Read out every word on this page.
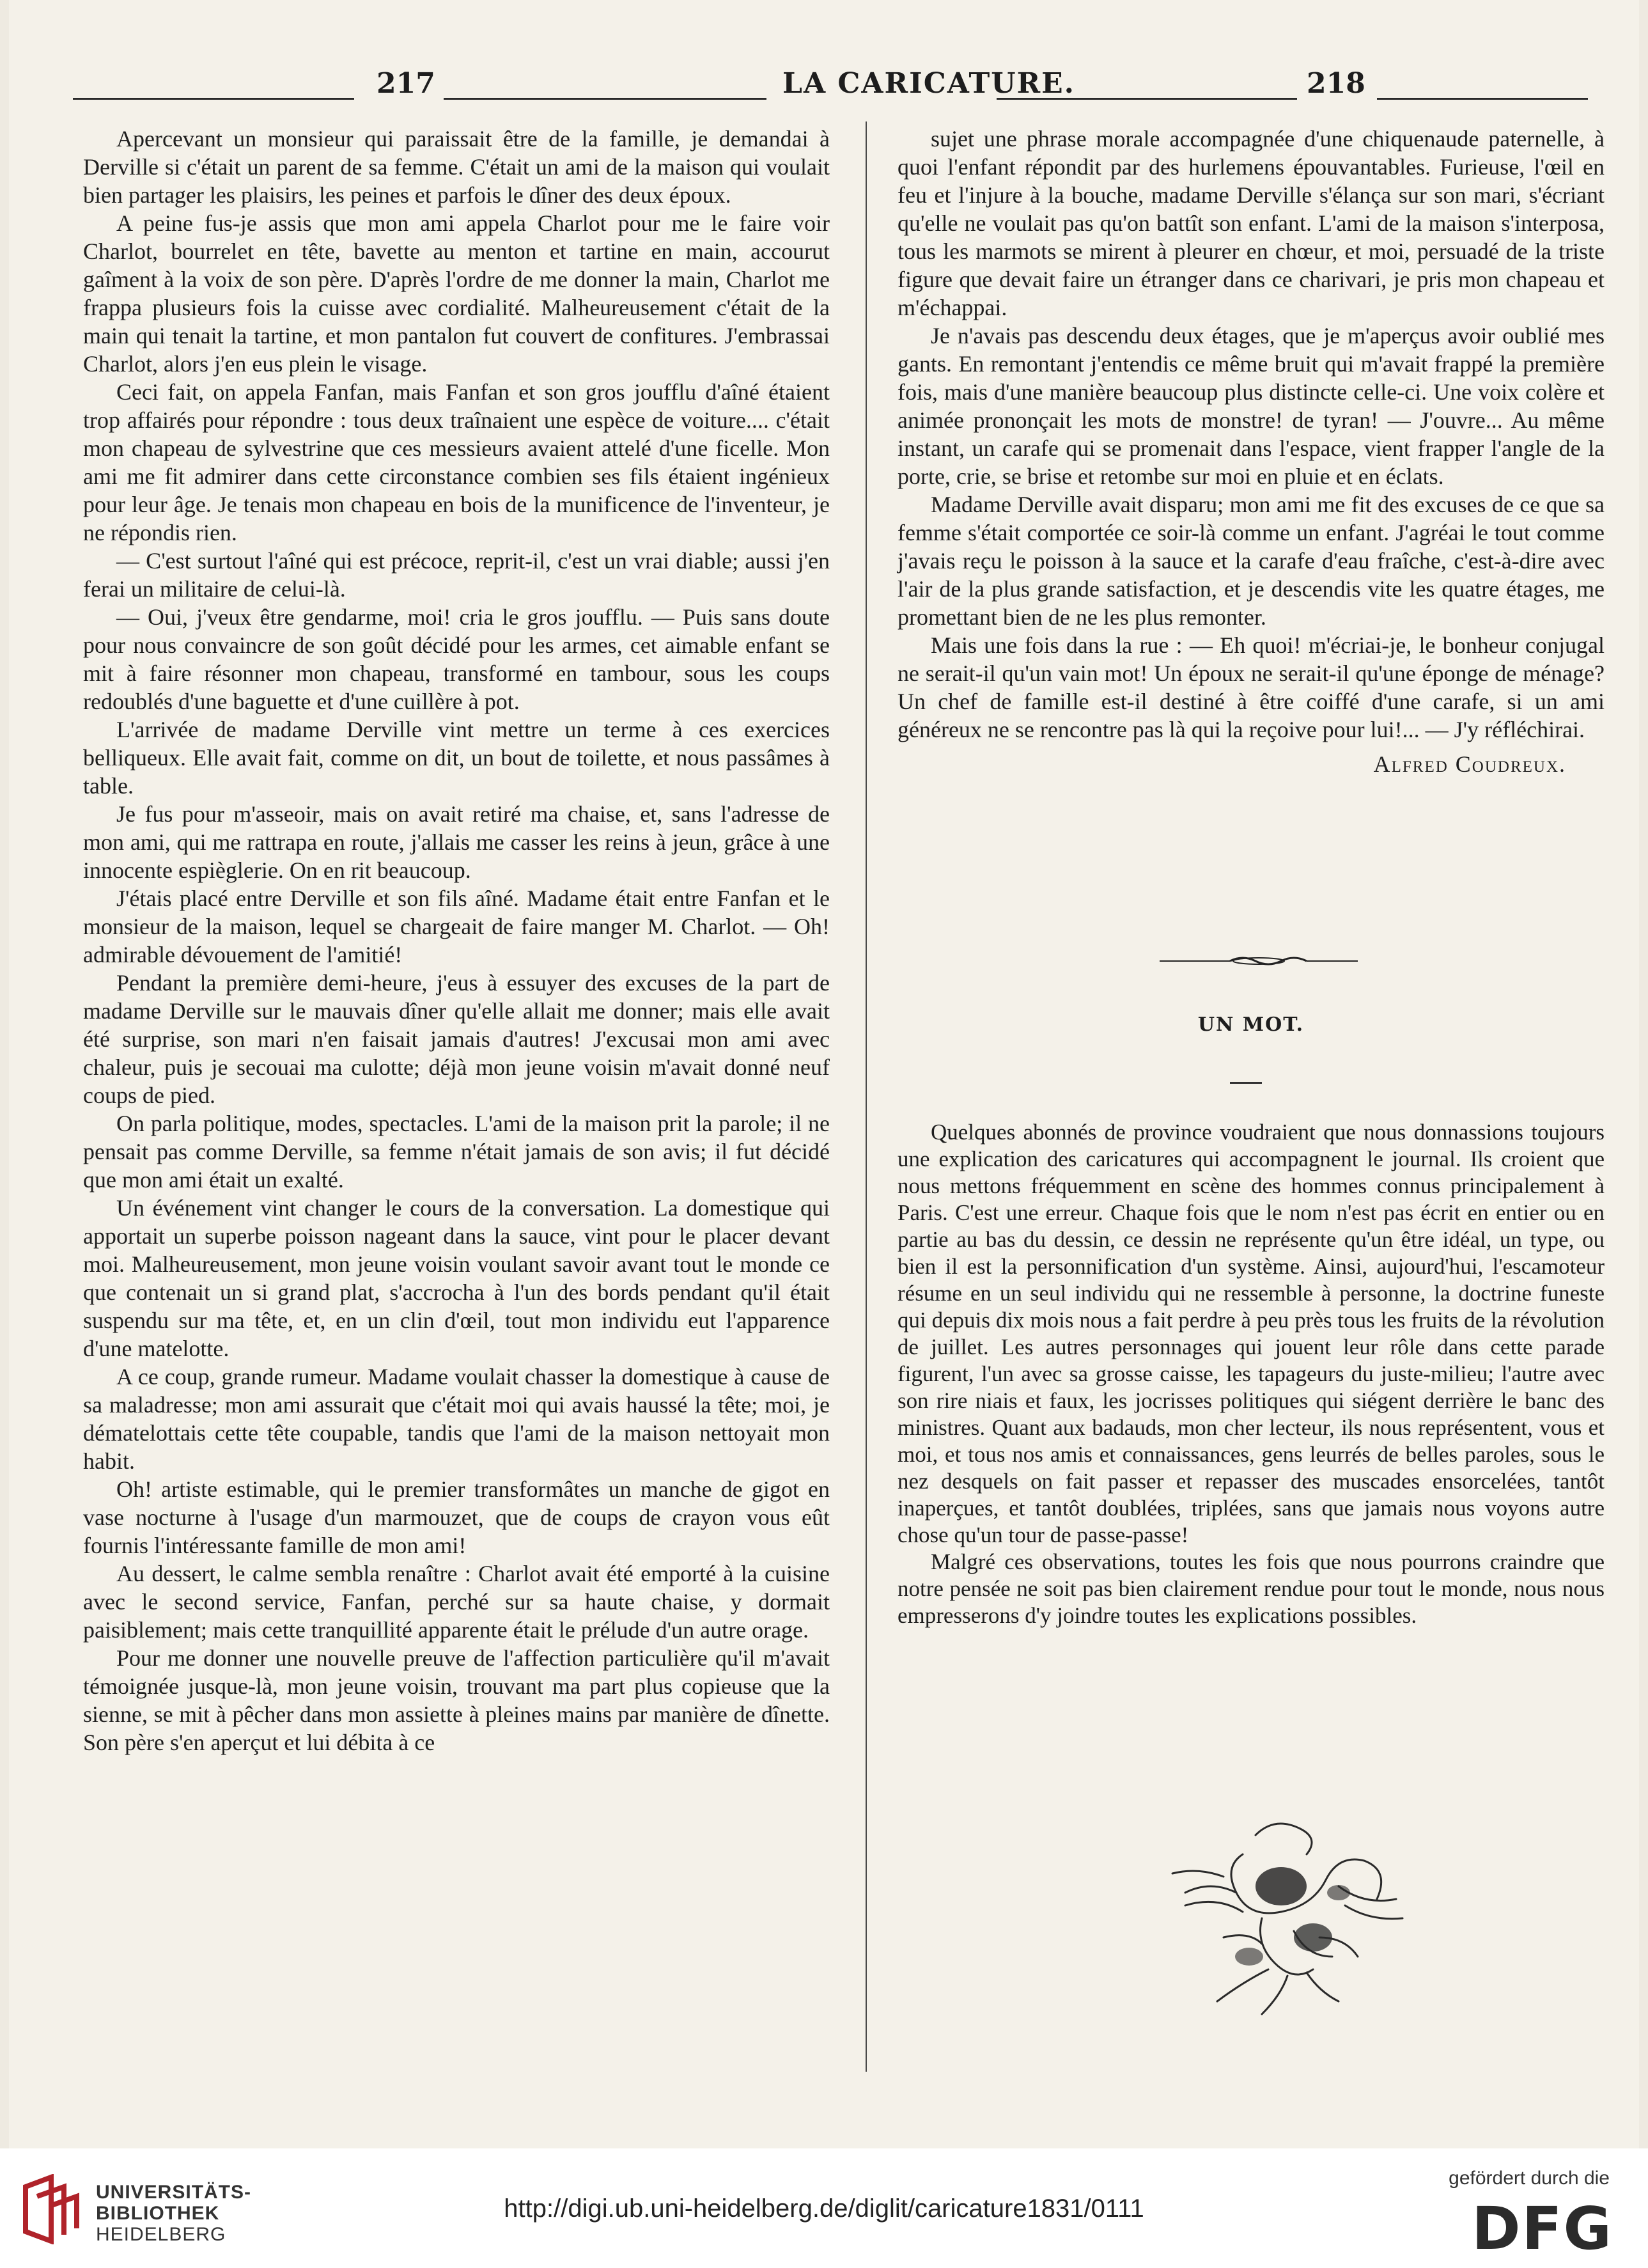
217	LA CARICATURE.	218

Apercevant un monsieur qui paraissait être de la famille, je demandai à Derville si c'était un parent de sa femme. C'était un ami de la maison qui voulait bien partager les plaisirs, les peines et parfois le dîner des deux époux.

A peine fus-je assis que mon ami appela Charlot pour me le faire voir Charlot, bourrelet en tête, bavette au menton et tartine en main, accourut gaîment à la voix de son père. D'après l'ordre de me donner la main, Charlot me frappa plusieurs fois la cuisse avec cordialité. Malheureusement c'était de la main qui tenait la tartine, et mon pantalon fut couvert de confitures. J'embrassai Charlot, alors j'en eus plein le visage.

Ceci fait, on appela Fanfan, mais Fanfan et son gros joufflu d'aîné étaient trop affairés pour répondre : tous deux traînaient une espèce de voiture.... c'était mon chapeau de sylvestrine que ces messieurs avaient attelé d'une ficelle. Mon ami me fit admirer dans cette circonstance combien ses fils étaient ingénieux pour leur âge. Je tenais mon chapeau en bois de la munificence de l'inventeur, je ne répondis rien.

— C'est surtout l'aîné qui est précoce, reprit-il, c'est un vrai diable; aussi j'en ferai un militaire de celui-là.

— Oui, j'veux être gendarme, moi! cria le gros joufflu. — Puis sans doute pour nous convaincre de son goût décidé pour les armes, cet aimable enfant se mit à faire résonner mon chapeau, transformé en tambour, sous les coups redoublés d'une baguette et d'une cuillère à pot.

L'arrivée de madame Derville vint mettre un terme à ces exercices belliqueux. Elle avait fait, comme on dit, un bout de toilette, et nous passâmes à table.

Je fus pour m'asseoir, mais on avait retiré ma chaise, et, sans l'adresse de mon ami, qui me rattrapa en route, j'allais me casser les reins à jeun, grâce à une innocente espièglerie. On en rit beaucoup.

J'étais placé entre Derville et son fils aîné. Madame était entre Fanfan et le monsieur de la maison, lequel se chargeait de faire manger M. Charlot. — Oh! admirable dévouement de l'amitié!

Pendant la première demi-heure, j'eus à essuyer des excuses de la part de madame Derville sur le mauvais dîner qu'elle allait me donner; mais elle avait été surprise, son mari n'en faisait jamais d'autres! J'excusai mon ami avec chaleur, puis je secouai ma culotte; déjà mon jeune voisin m'avait donné neuf coups de pied.

On parla politique, modes, spectacles. L'ami de la maison prit la parole; il ne pensait pas comme Derville, sa femme n'était jamais de son avis; il fut décidé que mon ami était un exalté.

Un événement vint changer le cours de la conversation. La domestique qui apportait un superbe poisson nageant dans la sauce, vint pour le placer devant moi. Malheureusement, mon jeune voisin voulant savoir avant tout le monde ce que contenait un si grand plat, s'accrocha à l'un des bords pendant qu'il était suspendu sur ma tête, et, en un clin d'œil, tout mon individu eut l'apparence d'une matelotte.

A ce coup, grande rumeur. Madame voulait chasser la domestique à cause de sa maladresse; mon ami assurait que c'était moi qui avais haussé la tête; moi, je dématelottais cette tête coupable, tandis que l'ami de la maison nettoyait mon habit.

Oh! artiste estimable, qui le premier transformâtes un manche de gigot en vase nocturne à l'usage d'un marmouzet, que de coups de crayon vous eût fournis l'intéressante famille de mon ami!

Au dessert, le calme sembla renaître : Charlot avait été emporté à la cuisine avec le second service, Fanfan, perché sur sa haute chaise, y dormait paisiblement; mais cette tranquillité apparente était le prélude d'un autre orage.

Pour me donner une nouvelle preuve de l'affection particulière qu'il m'avait témoignée jusque-là, mon jeune voisin, trouvant ma part plus copieuse que la sienne, se mit à pêcher dans mon assiette à pleines mains par manière de dînette. Son père s'en aperçut et lui débita à ce

sujet une phrase morale accompagnée d'une chiquenaude paternelle, à quoi l'enfant répondit par des hurlemens épouvantables. Furieuse, l'œil en feu et l'injure à la bouche, madame Derville s'élança sur son mari, s'écriant qu'elle ne voulait pas qu'on battît son enfant. L'ami de la maison s'interposa, tous les marmots se mirent à pleurer en chœur, et moi, persuadé de la triste figure que devait faire un étranger dans ce charivari, je pris mon chapeau et m'échappai.

Je n'avais pas descendu deux étages, que je m'aperçus avoir oublié mes gants. En remontant j'entendis ce même bruit qui m'avait frappé la première fois, mais d'une manière beaucoup plus distincte celle-ci. Une voix colère et animée prononçait les mots de monstre! de tyran! — J'ouvre... Au même instant, un carafe qui se promenait dans l'espace, vient frapper l'angle de la porte, crie, se brise et retombe sur moi en pluie et en éclats.

Madame Derville avait disparu; mon ami me fit des excuses de ce que sa femme s'était comportée ce soir-là comme un enfant. J'agréai le tout comme j'avais reçu le poisson à la sauce et la carafe d'eau fraîche, c'est-à-dire avec l'air de la plus grande satisfaction, et je descendis vite les quatre étages, me promettant bien de ne les plus remonter.

Mais une fois dans la rue : — Eh quoi! m'écriai-je, le bonheur conjugal ne serait-il qu'un vain mot! Un époux ne serait-il qu'une éponge de ménage? Un chef de famille est-il destiné à être coiffé d'une carafe, si un ami généreux ne se rencontre pas là qui la reçoive pour lui!... — J'y réfléchirai.

Alfred Coudreux.

UN MOT.

Quelques abonnés de province voudraient que nous donnassions toujours une explication des caricatures qui accompagnent le journal. Ils croient que nous mettons fréquemment en scène des hommes connus principalement à Paris. C'est une erreur. Chaque fois que le nom n'est pas écrit en entier ou en partie au bas du dessin, ce dessin ne représente qu'un être idéal, un type, ou bien il est la personnification d'un système. Ainsi, aujourd'hui, l'escamoteur résume en un seul individu qui ne ressemble à personne, la doctrine funeste qui depuis dix mois nous a fait perdre à peu près tous les fruits de la révolution de juillet. Les autres personnages qui jouent leur rôle dans cette parade figurent, l'un avec sa grosse caisse, les tapageurs du juste-milieu; l'autre avec son rire niais et faux, les jocrisses politiques qui siégent derrière le banc des ministres. Quant aux badauds, mon cher lecteur, ils nous représentent, vous et moi, et tous nos amis et connaissances, gens leurrés de belles paroles, sous le nez desquels on fait passer et repasser des muscades ensorcelées, tantôt inaperçues, et tantôt doublées, triplées, sans que jamais nous voyons autre chose qu'un tour de passe-passe!

Malgré ces observations, toutes les fois que nous pourrons craindre que notre pensée ne soit pas bien clairement rendue pour tout le monde, nous nous empresserons d'y joindre toutes les explications possibles.

UNIVERSITÄTS-
BIBLIOTHEK
HEIDELBERG
http://digi.ub.uni-heidelberg.de/diglit/caricature1831/0111
gefördert durch die
DFG
